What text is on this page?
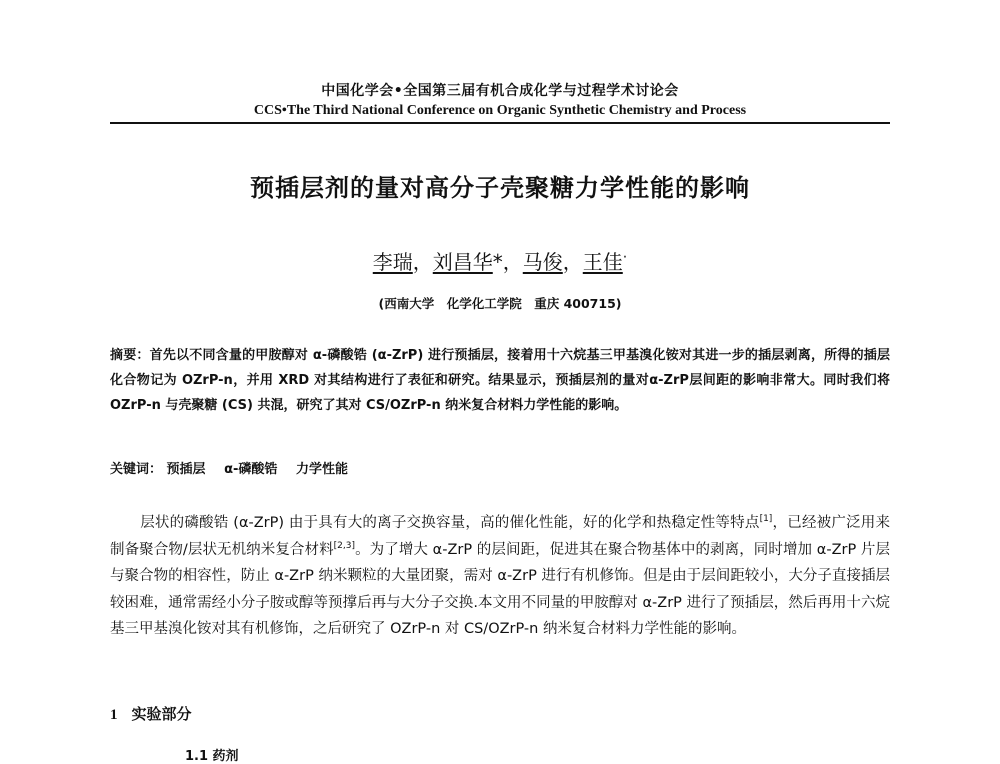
中国化学会•全国第三届有机合成化学与过程学术讨论会
CCS•The Third National Conference on Organic Synthetic Chemistry and Process
预插层剂的量对高分子壳聚糖力学性能的影响
李瑞，刘昌华*，马俊，王佳·
(西南大学　化学化工学院　重庆 400715)
摘要：首先以不同含量的甲胺醇对 α-磷酸锆 (α-ZrP) 进行预插层，接着用十六烷基三甲基溴化铵对其进一步的插层剥离，所得的插层化合物记为 OZrP-n，并用 XRD 对其结构进行了表征和研究。结果显示，预插层剂的量对α-ZrP层间距的影响非常大。同时我们将 OZrP-n 与壳聚糖 (CS) 共混，研究了其对 CS/OZrP-n 纳米复合材料力学性能的影响。
关键词： 预插层 α-磷酸锆 力学性能
层状的磷酸锆 (α-ZrP) 由于具有大的离子交换容量，高的催化性能，好的化学和热稳定性等特点[1]，已经被广泛用来制备聚合物/层状无机纳米复合材料[2,3]。为了增大 α-ZrP 的层间距，促进其在聚合物基体中的剥离，同时增加 α-ZrP 片层与聚合物的相容性，防止 α-ZrP 纳米颗粒的大量团聚，需对 α-ZrP 进行有机修饰。但是由于层间距较小，大分子直接插层较困难，通常需经小分子胺或醇等预撑后再与大分子交换.本文用不同量的甲胺醇对 α-ZrP 进行了预插层，然后再用十六烷基三甲基溴化铵对其有机修饰，之后研究了 OZrP-n 对 CS/OZrP-n 纳米复合材料力学性能的影响。
1 实验部分
1.1 药剂
